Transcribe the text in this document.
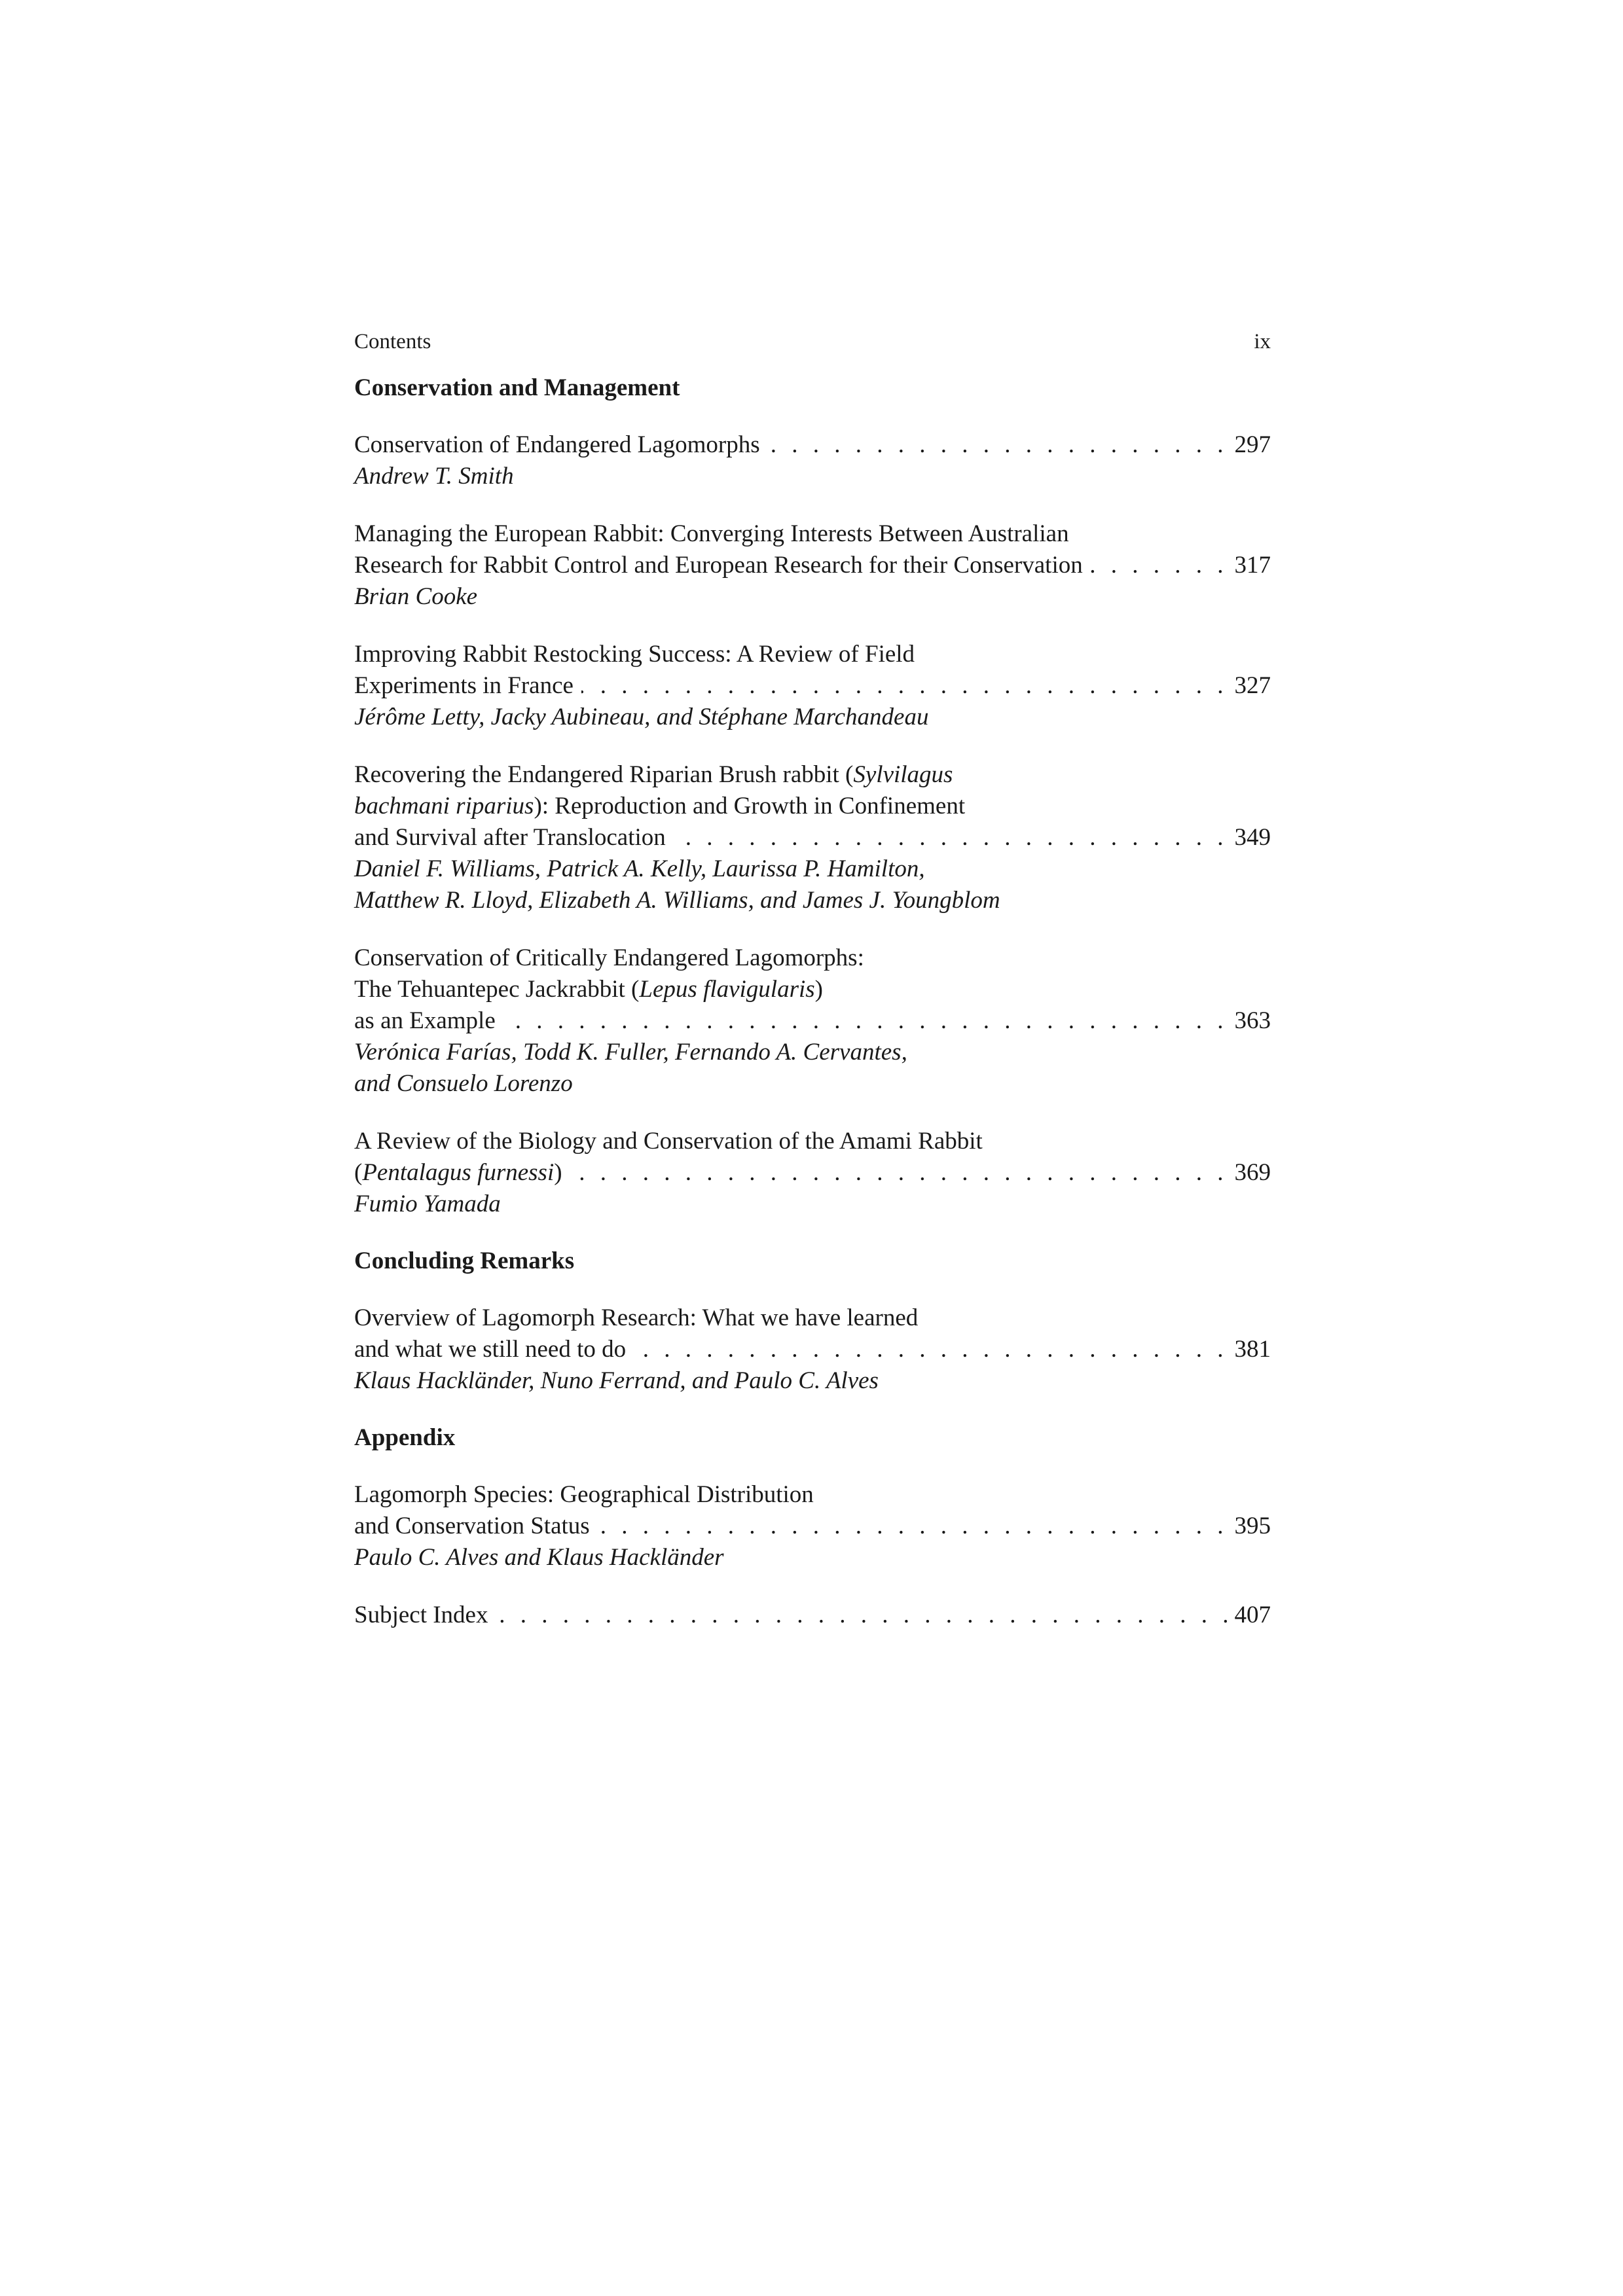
Contents	ix
Conservation and Management
Conservation of Endangered Lagomorphs . . .	297
Andrew T. Smith
Managing the European Rabbit: Converging Interests Between Australian
Research for Rabbit Control and European Research for their Conservation . . .	317
Brian Cooke
Improving Rabbit Restocking Success: A Review of Field
Experiments in France . . .	327
Jérôme Letty, Jacky Aubineau, and Stéphane Marchandeau
Recovering the Endangered Riparian Brush rabbit (Sylvilagus
bachmani riparius): Reproduction and Growth in Confinement
and Survival after Translocation . . .	349
Daniel F. Williams, Patrick A. Kelly, Laurissa P. Hamilton,
Matthew R. Lloyd, Elizabeth A. Williams, and James J. Youngblom
Conservation of Critically Endangered Lagomorphs:
The Tehuantepec Jackrabbit (Lepus flavigularis)
as an Example . . .	363
Verónica Farías, Todd K. Fuller, Fernando A. Cervantes,
and Consuelo Lorenzo
A Review of the Biology and Conservation of the Amami Rabbit
(Pentalagus furnessi) . . .	369
Fumio Yamada
Concluding Remarks
Overview of Lagomorph Research: What we have learned
and what we still need to do . . .	381
Klaus Hackländer, Nuno Ferrand, and Paulo C. Alves
Appendix
Lagomorph Species: Geographical Distribution
and Conservation Status . . .	395
Paulo C. Alves and Klaus Hackländer
Subject Index . . .	407
